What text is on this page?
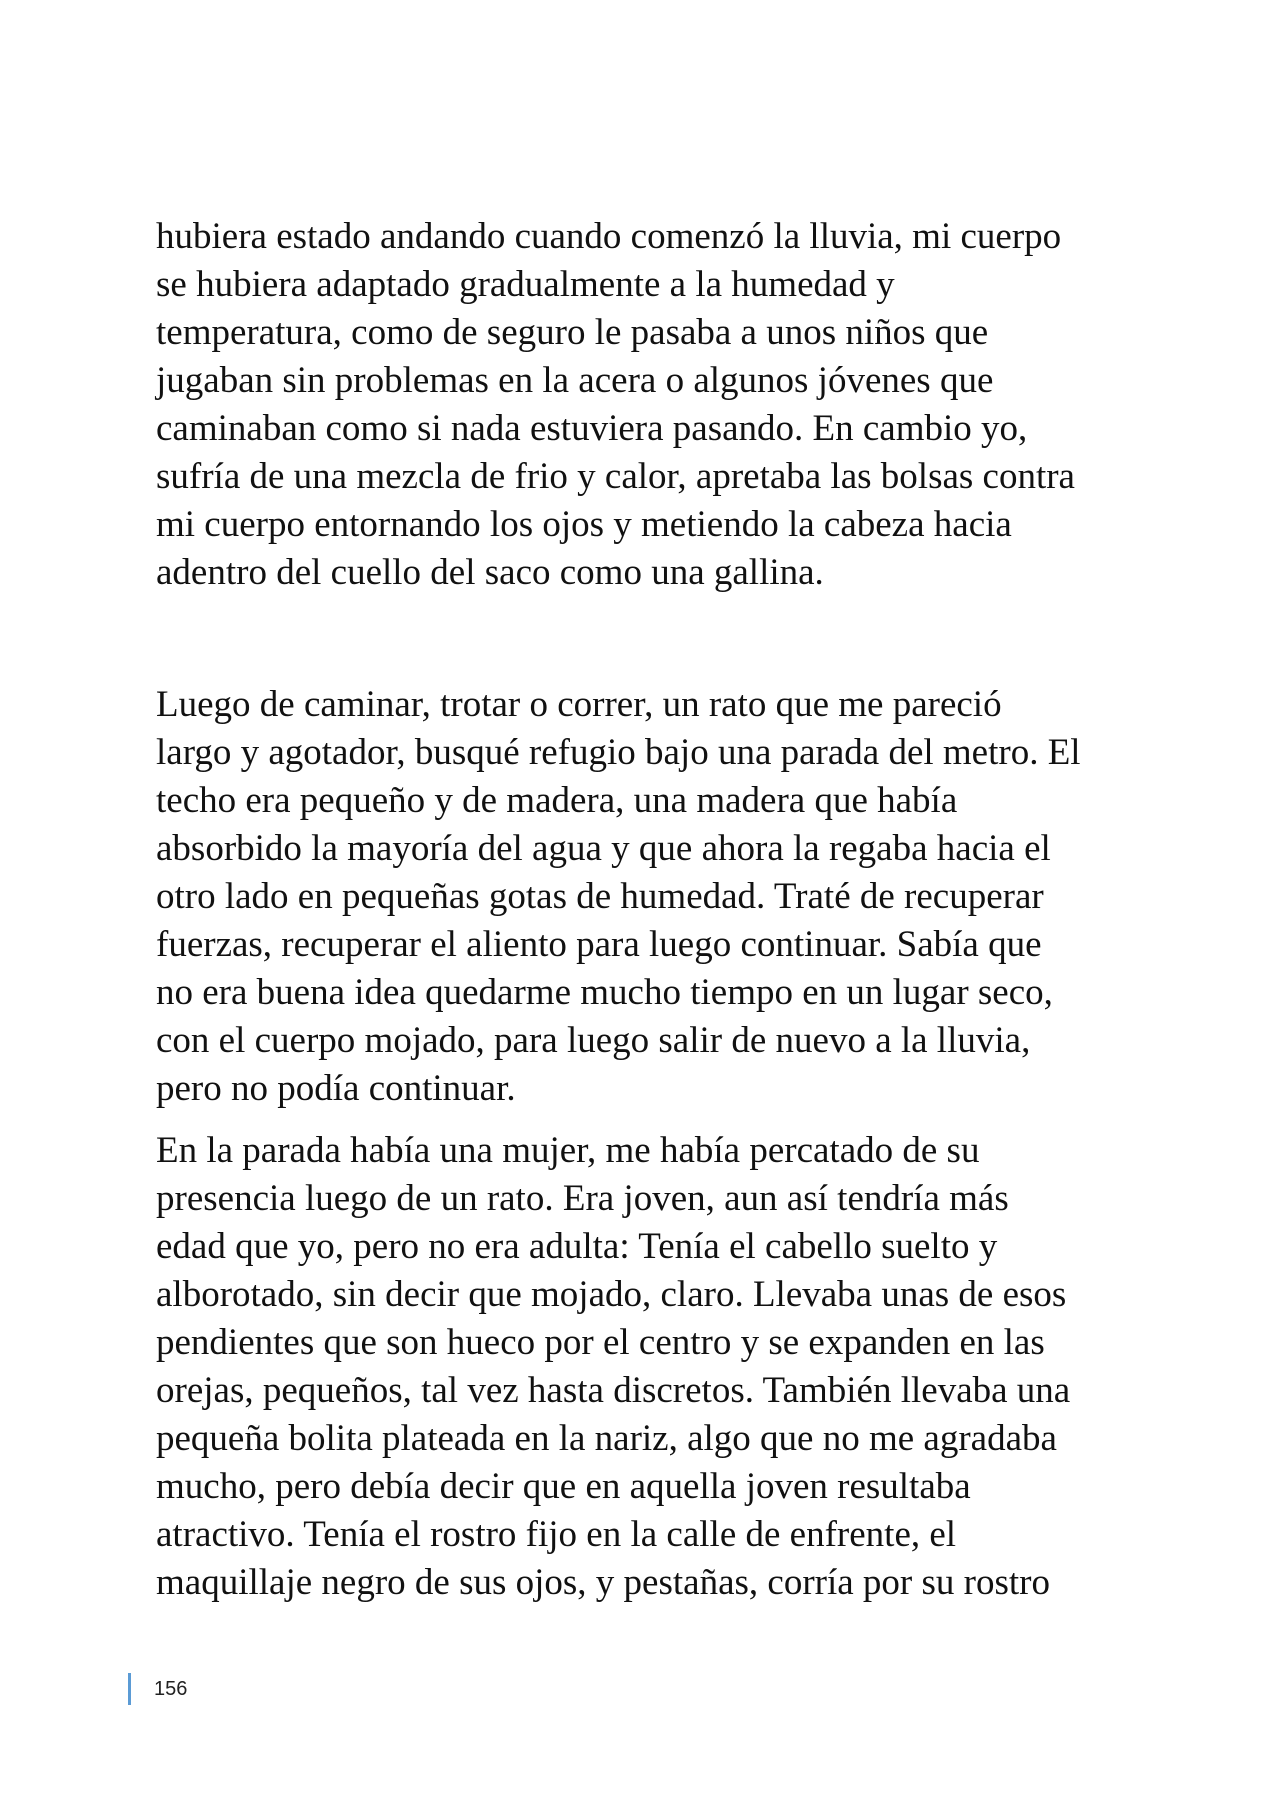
hubiera estado andando cuando comenzó la lluvia, mi cuerpo
se hubiera adaptado gradualmente a la humedad y
temperatura, como de seguro le pasaba a unos niños que
jugaban sin problemas en la acera o algunos jóvenes que
caminaban como si nada estuviera pasando. En cambio yo,
sufría de una mezcla de frio y calor, apretaba las bolsas contra
mi cuerpo entornando los ojos y metiendo la cabeza hacia
adentro del cuello del saco como una gallina.
Luego de caminar, trotar o correr, un rato que me pareció
largo y agotador, busqué refugio bajo una parada del metro. El
techo era pequeño y de madera, una madera que había
absorbido la mayoría del agua y que ahora la regaba hacia el
otro lado en pequeñas gotas de humedad. Traté de recuperar
fuerzas, recuperar el aliento para luego continuar. Sabía que
no era buena idea quedarme mucho tiempo en un lugar seco,
con el cuerpo mojado, para luego salir de nuevo a la lluvia,
pero no podía continuar.
En la parada había una mujer, me había percatado de su
presencia luego de un rato. Era joven, aun así tendría más
edad que yo, pero no era adulta: Tenía el cabello suelto y
alborotado, sin decir que mojado, claro. Llevaba unas de esos
pendientes que son hueco por el centro y se expanden en las
orejas, pequeños, tal vez hasta discretos. También llevaba una
pequeña bolita plateada en la nariz, algo que no me agradaba
mucho, pero debía decir que en aquella joven resultaba
atractivo. Tenía el rostro fijo en la calle de enfrente, el
maquillaje negro de sus ojos, y pestañas, corría por su rostro
156
